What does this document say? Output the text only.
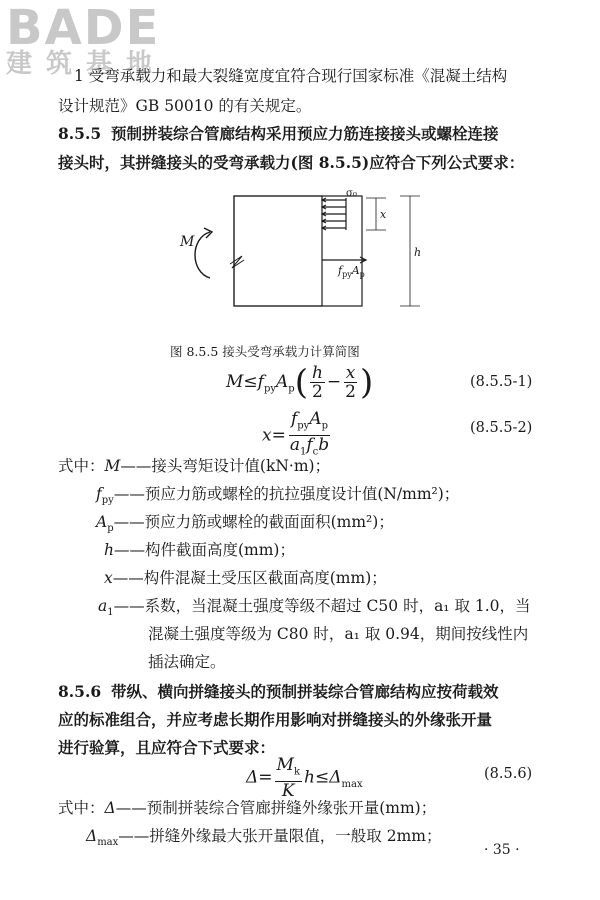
BADE
建筑基地
1 受弯承载力和最大裂缝宽度宜符合现行国家标准《混凝土结构
设计规范》GB 50010 的有关规定。
8.5.5 预制拼装综合管廊结构采用预应力筋连接接头或螺栓连接
接头时，其拼缝接头的受弯承载力(图 8.5.5)应符合下列公式要求：
M
σ₀
x
$f_{py}A_p$
h
图 8.5.5 接头受弯承载力计算简图
$M\le f_{py}A_p( \frac{h}{2} - \frac{x}{2}$ )	(8.5.5-1)
$x= \frac{f_{py}A_p}{a_1f_cb}$	(8.5.5-2)
式中：M——接头弯矩设计值(kN·m)；
$f_{py}——$预应力筋或螺栓的抗拉强度设计值(N/mm²)；
$A_p——$预应力筋或螺栓的截面面积(mm²)；
h——构件截面高度(mm)；
x——构件混凝土受压区截面高度(mm)；
$a_1——$系数，当混凝土强度等级不超过 C50 时，a₁ 取 1.0，当
混凝土强度等级为 C80 时，a₁ 取 0.94，期间按线性内
插法确定。
8.5.6 带纵、横向拼缝接头的预制拼装综合管廊结构应按荷载效
应的标准组合，并应考虑长期作用影响对拼缝接头的外缘张开量
进行验算，且应符合下式要求：
$\Delta= \frac{M_k}{K} h\le\Delta_{max}$
(8.5.6)
式中：Δ——预制拼装综合管廊拼缝外缘张开量(mm)；
$\Delta_{max}——$拼缝外缘最大张开量限值，一般取 2mm；
· 35 ·
